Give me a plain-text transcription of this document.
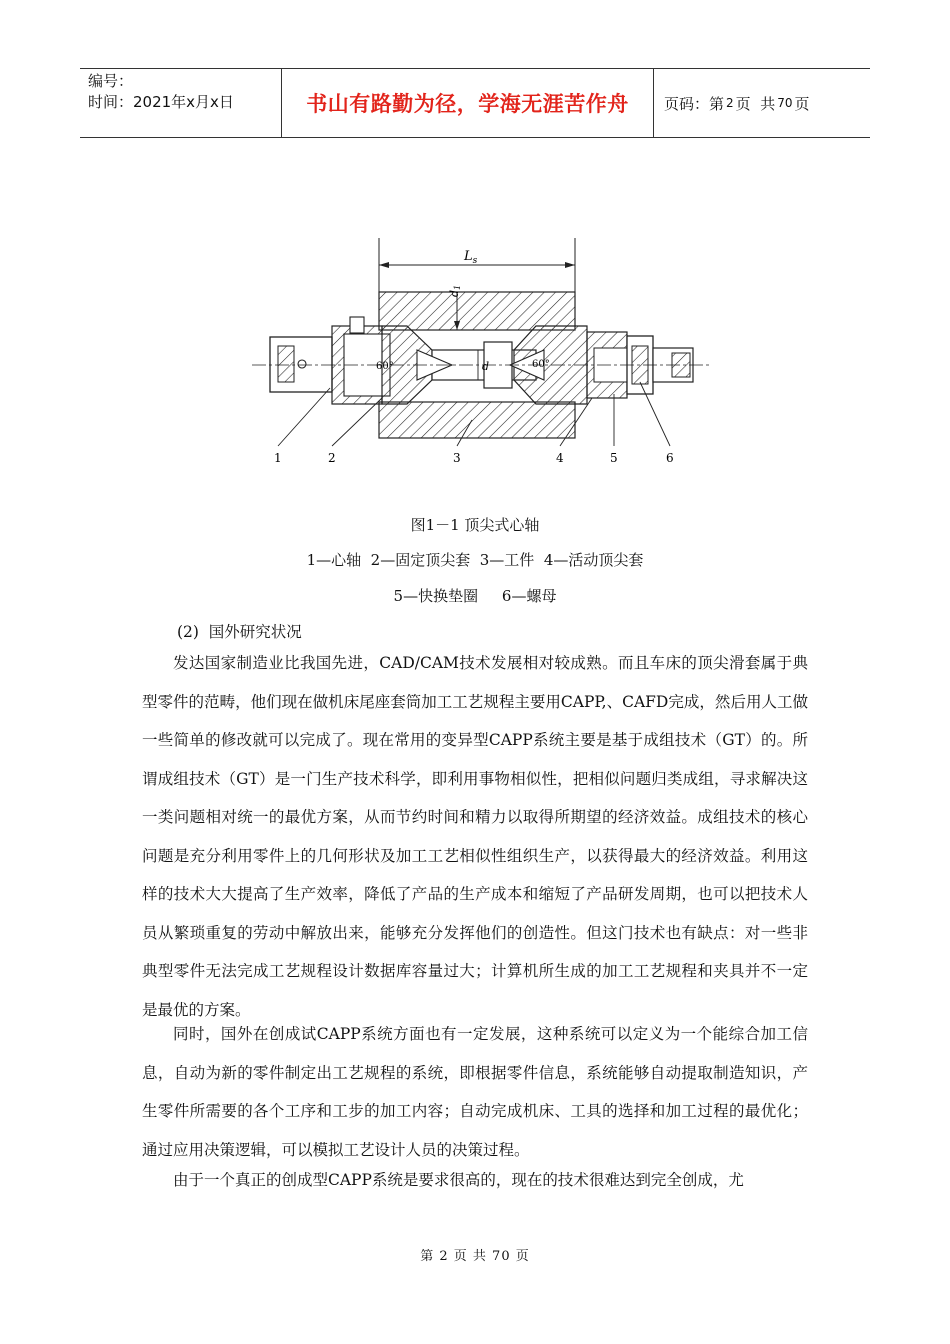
编号：
时间：2021年x月x日	书山有路勤为径，学海无涯苦作舟	页码：第 2 页  共 70 页
$L_s$
d1
d
60°	60°
1	2	3	4	5	6
图1－1 顶尖式心轴
1—心轴  2—固定顶尖套  3—工件  4—活动顶尖套
5—快换垫圈     6—螺母
(2)  国外研究状况

发达国家制造业比我国先进，CAD/CAM技术发展相对较成熟。而且车床的顶尖滑套属于典型零件的范畴，他们现在做机床尾座套筒加工工艺规程主要用CAPP,、CAFD完成，然后用人工做一些简单的修改就可以完成了。现在常用的变异型CAPP系统主要是基于成组技术（GT）的。所谓成组技术（GT）是一门生产技术科学，即利用事物相似性，把相似问题归类成组，寻求解决这一类问题相对统一的最优方案，从而节约时间和精力以取得所期望的经济效益。成组技术的核心问题是充分利用零件上的几何形状及加工工艺相似性组织生产，以获得最大的经济效益。利用这样的技术大大提高了生产效率，降低了产品的生产成本和缩短了产品研发周期，也可以把技术人员从繁琐重复的劳动中解放出来，能够充分发挥他们的创造性。但这门技术也有缺点：对一些非典型零件无法完成工艺规程设计数据库容量过大；计算机所生成的加工工艺规程和夹具并不一定是最优的方案。

同时，国外在创成试CAPP系统方面也有一定发展，这种系统可以定义为一个能综合加工信息，自动为新的零件制定出工艺规程的系统，即根据零件信息，系统能够自动提取制造知识，产生零件所需要的各个工序和工步的加工内容；自动完成机床、工具的选择和加工过程的最优化；通过应用决策逻辑，可以模拟工艺设计人员的决策过程。

由于一个真正的创成型CAPP系统是要求很高的，现在的技术很难达到完全创成，尤

第 2 页 共 70 页
